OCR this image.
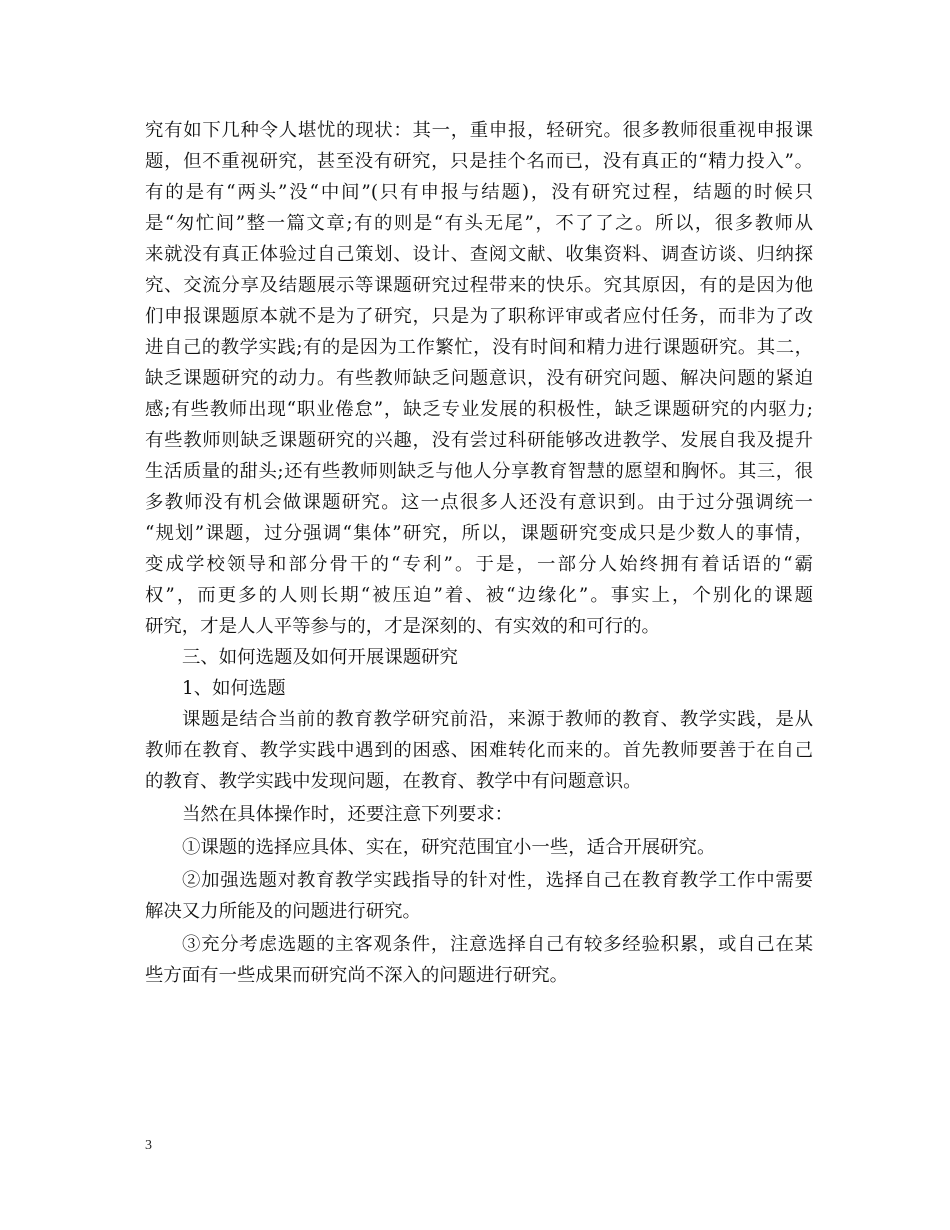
究有如下几种令人堪忧的现状：其一，重申报，轻研究。很多教师很重视申报课
题，但不重视研究，甚至没有研究，只是挂个名而已，没有真正的“精力投入”。
有的是有“两头”没“中间”(只有申报与结题)，没有研究过程，结题的时候只
是“匆忙间”整一篇文章;有的则是“有头无尾”，不了了之。所以，很多教师从
来就没有真正体验过自己策划、设计、查阅文献、收集资料、调查访谈、归纳探
究、交流分享及结题展示等课题研究过程带来的快乐。究其原因，有的是因为他
们申报课题原本就不是为了研究，只是为了职称评审或者应付任务，而非为了改
进自己的教学实践;有的是因为工作繁忙，没有时间和精力进行课题研究。其二，
缺乏课题研究的动力。有些教师缺乏问题意识，没有研究问题、解决问题的紧迫
感;有些教师出现“职业倦怠”，缺乏专业发展的积极性，缺乏课题研究的内驱力;
有些教师则缺乏课题研究的兴趣，没有尝过科研能够改进教学、发展自我及提升
生活质量的甜头;还有些教师则缺乏与他人分享教育智慧的愿望和胸怀。其三，很
多教师没有机会做课题研究。这一点很多人还没有意识到。由于过分强调统一
“规划”课题，过分强调“集体”研究，所以，课题研究变成只是少数人的事情，
变成学校领导和部分骨干的“专利”。于是，一部分人始终拥有着话语的“霸
权”，而更多的人则长期“被压迫”着、被“边缘化”。事实上，个别化的课题
研究，才是人人平等参与的，才是深刻的、有实效的和可行的。
三、如何选题及如何开展课题研究
1、如何选题
课题是结合当前的教育教学研究前沿，来源于教师的教育、教学实践，是从
教师在教育、教学实践中遇到的困惑、困难转化而来的。首先教师要善于在自己
的教育、教学实践中发现问题，在教育、教学中有问题意识。
当然在具体操作时，还要注意下列要求：
①课题的选择应具体、实在，研究范围宜小一些，适合开展研究。
②加强选题对教育教学实践指导的针对性，选择自己在教育教学工作中需要
解决又力所能及的问题进行研究。
③充分考虑选题的主客观条件，注意选择自己有较多经验积累，或自己在某
些方面有一些成果而研究尚不深入的问题进行研究。
3
